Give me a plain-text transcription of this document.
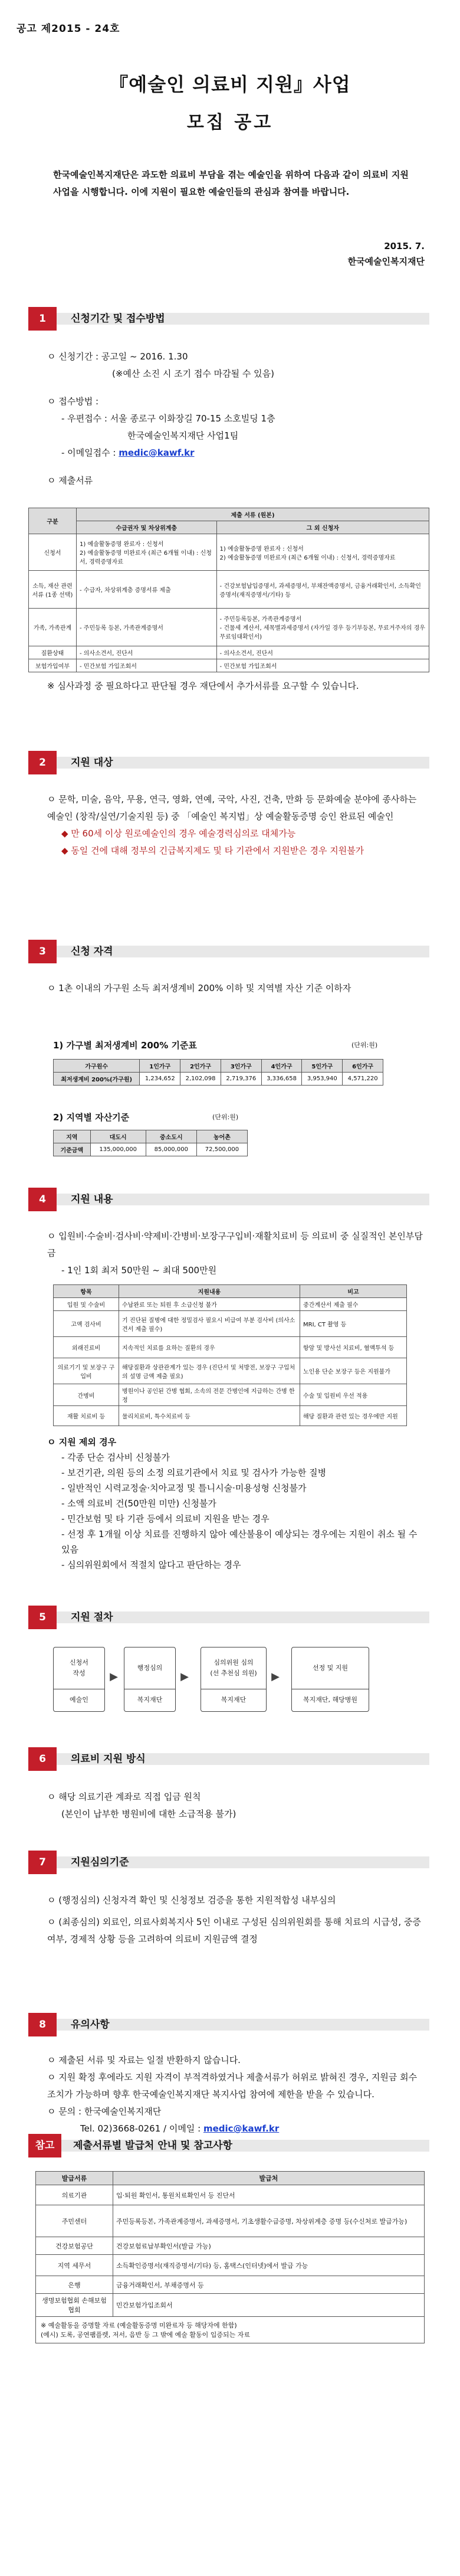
공고 제2015 - 24호
『예술인 의료비 지원』사업
모집 공고
한국예술인복지재단은 과도한 의료비 부담을 겪는 예술인을 위하여 다음과 같이 의료비 지원사업을 시행합니다. 이에 지원이 필요한 예술인들의 관심과 참여를 바랍니다.
2015. 7.
한국예술인복지재단
1	신청기간 및 접수방법
ㅇ 신청기간 : 공고일 ~ 2016. 1.30
(※예산 소진 시 조기 접수 마감될 수 있음)
ㅇ 접수방법 :
- 우편접수 : 서울 종로구 이화장길 70-15 소호빌딩 1층
한국예술인복지재단 사업1팀
- 이메일접수 : medic@kawf.kr
ㅇ 제출서류
구분	제출 서류 (원본)	
	수급권자 및 차상위계층	그 외 신청자
신청서	1) 예술활동증명 완료자 : 신청서
2) 예술활동증명 미완료자 (최근 6개월 이내) : 신청서, 경력증명자료	1) 예술활동증명 완료자 : 신청서
2) 예술활동증명 미완료자 (최근 6개월 이내) : 신청서, 경력증명자료
소득, 재산 관련 서류 (1종 선택)	- 수급자, 차상위계층 증명서류 제출	- 건강보험납입증명서, 과세증명서, 부채잔액증명서, 금융거래확인서, 소득확인증명서(재직증명서/기타) 등
가족, 가족관계	- 주민등록 등본, 가족관계증명서	- 주민등록등본, 가족관계증명서
- 건물세 계산서, 세목별과세증명서 (자가일 경우 등기부등본, 무료거주자의 경우 무료임대확인서)
질환상태	- 의사소견서, 진단서	- 의사소견서, 진단서
보험가입여부	- 민간보험 가입조회서	- 민간보험 가입조회서
※ 심사과정 중 필요하다고 판단될 경우 재단에서 추가서류를 요구할 수 있습니다.
2	지원 대상
ㅇ 문학, 미술, 음악, 무용, 연극, 영화, 연예, 국악, 사진, 건축, 만화 등 문화예술 분야에 종사하는 예술인 (창작/실연/기술지원 등) 중 「예술인 복지법」상 예술활동증명 승인 완료된 예술인
◆ 만 60세 이상 원로예술인의 경우 예술경력심의로 대체가능
◆ 동일 건에 대해 정부의 긴급복지제도 및 타 기관에서 지원받은 경우 지원불가
3	신청 자격
ㅇ 1촌 이내의 가구원 소득 최저생계비 200% 이하 및 지역별 자산 기준 이하자
1) 가구별 최저생계비 200% 기준표	(단위:원)
가구원수	1인가구	2인가구	3인가구	4인가구	5인가구	6인가구
최저생계비 200%(가구원)	1,234,652	2,102,098	2,719,376	3,336,658	3,953,940	4,571,220
2) 지역별 자산기준	(단위:원)
지역	대도시	중소도시	농어촌
기준금액	135,000,000	85,000,000	72,500,000
4	지원 내용
ㅇ 입원비·수술비·검사비·약제비·간병비·보장구구입비·재활치료비 등 의료비 중 실질적인 본인부담금
- 1인 1회 최저 50만원 ~ 최대 500만원
항목	지원내용	비고
입원 및 수술비	수납완료 또는 퇴원 후 소급신청 불가	중간계산서 제출 필수
고액 검사비	기 진단된 질병에 대한 정밀검사 필요시 비급여 부분 검사비 (의사소견서 제출 필수)	MRI, CT 촬영 등
외래진료비	지속적인 치료를 요하는 질환의 경우	항암 및 방사선 치료비, 혈액투석 등
의료기기 및 보장구 구입비	해당질환과 상관관계가 있는 경우 (진단서 및 처방전, 보장구 구입처의 설명 금액 제출 필요)	노인용 단순 보장구 등은 지원불가
간병비	병원이나 공인된 간병 협회, 소속의 전문 간병인에 지급하는 간병 한정	수술 및 입원비 우선 적용
재활 치료비 등	물리치료비, 특수치료비 등	해당 질환과 관련 있는 경우에만 지원
ㅇ 지원 제외 경우
- 각종 단순 검사비 신청불가
- 보건기관, 의원 등의 소정 의료기관에서 치료 및 검사가 가능한 질병
- 일반적인 시력교정술·치아교정 및 틀니시술·미용성형 신청불가
- 소액 의료비 건(50만원 미만) 신청불가
- 민간보험 및 타 기관 등에서 의료비 지원을 받는 경우
- 선정 후 1개월 이상 치료를 진행하지 않아 예산불용이 예상되는 경우에는 지원이 취소 될 수 있음
- 심의위원회에서 적절치 않다고 판단하는 경우
5	지원 절차
신청서
작성
예술인
▶
행정심의
복지재단
▶
심의위원 심의
(선 추천심 의원)
복지재단
▶
선정 및 지원
복지재단, 해당병원
6	의료비 지원 방식
ㅇ 해당 의료기관 계좌로 직접 입금 원칙
(본인이 납부한 병원비에 대한 소급적용 불가)
7	지원심의기준
ㅇ (행정심의) 신청자격 확인 및 신청정보 검증을 통한 지원적합성 내부심의
ㅇ (최종심의) 외료인, 의료사회복지사 5인 이내로 구성된 심의위원회를 통해 치료의 시급성, 중증여부, 경제적 상황 등을 고려하여 의료비 지원금액 결정
8	유의사항
ㅇ 제출된 서류 및 자료는 일절 반환하지 않습니다.
ㅇ 지원 확정 후에라도 지원 자격이 부적격하였거나 제출서류가 허위로 밝혀진 경우, 지원금 회수조치가 가능하며 향후 한국예술인복지재단 복지사업 참여에 제한을 받을 수 있습니다.
ㅇ 문의 : 한국예술인복지재단
Tel. 02)3668-0261 / 이메일 : medic@kawf.kr
참고	제출서류별 발급처 안내 및 참고사항
발급서류	발급처
의료기관	입·퇴원 확인서, 통원치료확인서 등 진단서
주민센터	주민등록등본, 가족관계증명서, 과세증명서, 기초생활수급증명, 차상위계층 증명 등(수신처로 발급가능)
건강보험공단	건강보험료납부확인서(발급 가능)
지역 세무서	소득확인증명서(재직증명서/기타) 등, 홈택스(인터넷)에서 발급 가능
은행	금융거래확인서, 부채증명서 등
생명보험협회 손해보험협회	민간보험가입조회서

※ 예술활동을 증명할 자료 (예술활동증명 미완료자 등 해당자에 한함)
(예시) 도록, 공연팸플렛, 저서, 음반 등 그 밖에 예술 활동이 입증되는 자료	
